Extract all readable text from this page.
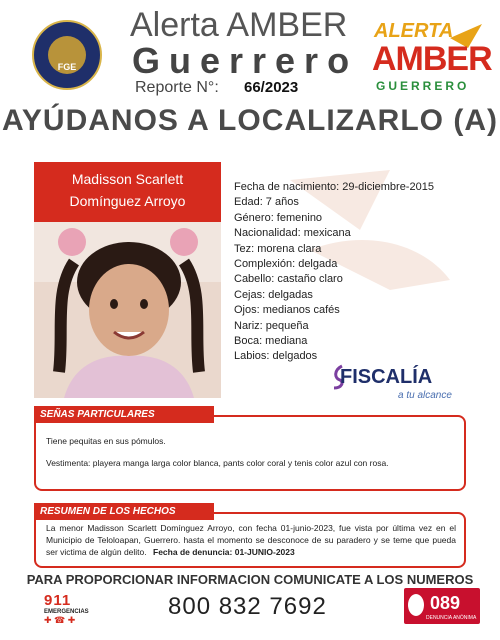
FGE
Alerta AMBER
Guerrero
Reporte N°: 66/2023
ALERTA
AMBER
GUERRERO
AYÚDANOS A LOCALIZARLO (A)
Madisson Scarlett
Domínguez Arroyo
Fecha de nacimiento: 29-diciembre-2015
Edad: 7 años
Género: femenino
Nacionalidad: mexicana
Tez: morena clara
Complexión: delgada
Cabello: castaño claro
Cejas: delgadas
Ojos: medianos cafés
Nariz: pequeña
Boca: mediana
Labios: delgados
FISCALÍA
a tu alcance
SEÑAS PARTICULARES
Tiene pequitas en sus pómulos.
Vestimenta: playera manga larga color blanca, pants color coral y tenis color azul con rosa.
RESUMEN DE LOS HECHOS
La menor Madisson Scarlett Domínguez Arroyo, con fecha 01-junio-2023, fue vista por última vez en el Municipio de Teloloapan, Guerrero. hasta el momento se desconoce de su paradero y se teme que pueda ser victima de algún delito. Fecha de denuncia: 01-JUNIO-2023
PARA PROPORCIONAR INFORMACION COMUNICATE A LOS NUMEROS
911
EMERGENCIAS
✚ ☎ ✚	800 832 7692	089
DENUNCIA ANÓNIMA
